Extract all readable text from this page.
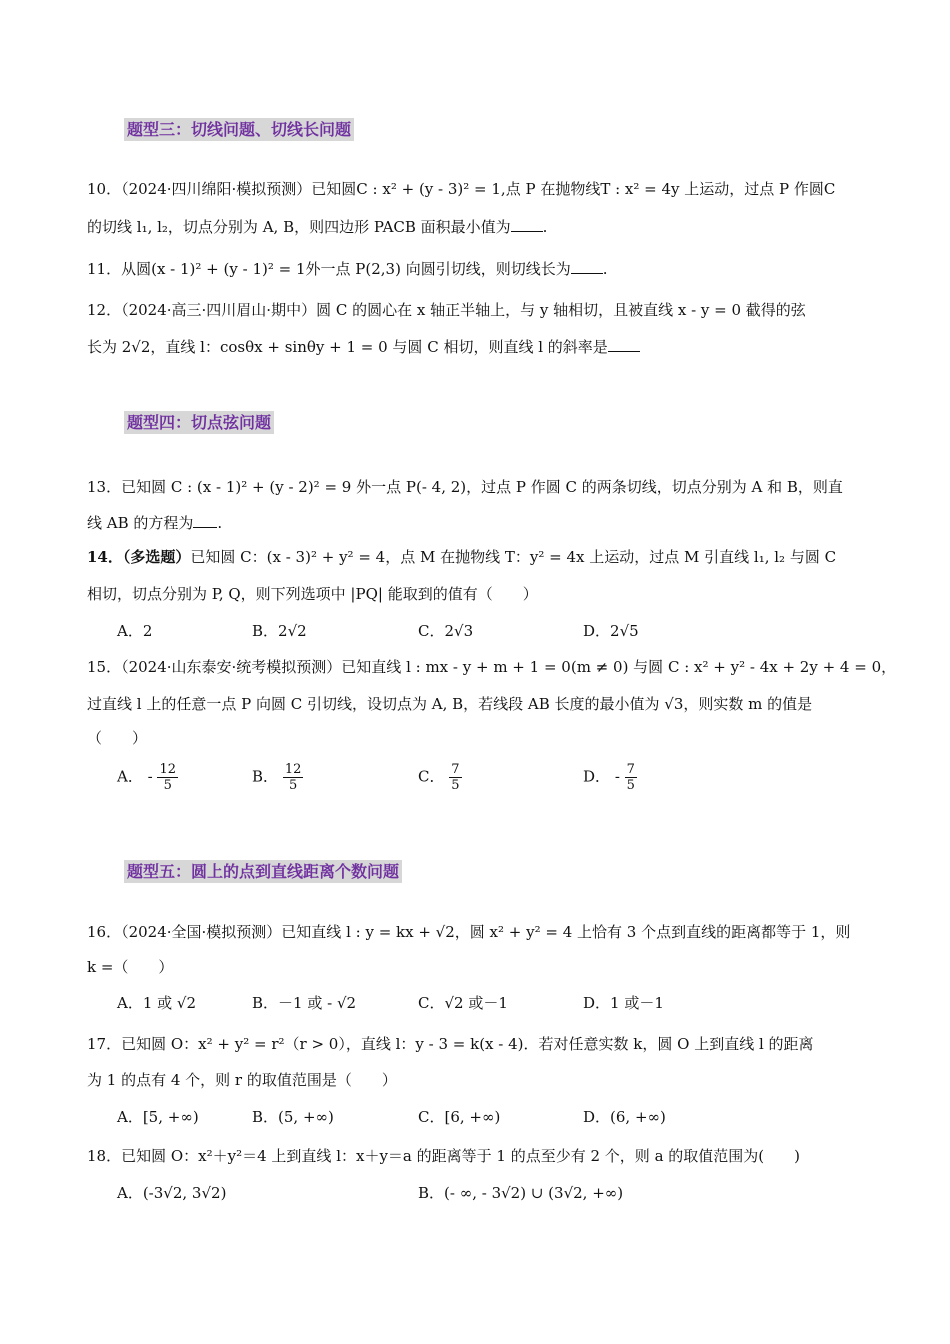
题型三：切线问题、切线长问题
10．（2024·四川绵阳·模拟预测）已知圆C : x² + (y - 3)² = 1,点 P 在抛物线T : x² = 4y 上运动，过点 P 作圆C
的切线 l₁, l₂，切点分别为 A, B，则四边形 PACB 面积最小值为 .
11．从圆(x - 1)² + (y - 1)² = 1外一点 P(2,3) 向圆引切线，则切线长为 .
12．（2024·高三·四川眉山·期中）圆 C 的圆心在 x 轴正半轴上，与 y 轴相切，且被直线 x - y = 0 截得的弦
长为 2√2，直线 l：cosθx + sinθy + 1 = 0 与圆 C 相切，则直线 l 的斜率是
题型四：切点弦问题
13．已知圆 C : (x - 1)² + (y - 2)² = 9 外一点 P(- 4, 2)，过点 P 作圆 C 的两条切线，切点分别为 A 和 B，则直
线 AB 的方程为 .
14．（多选题）已知圆 C：(x - 3)² + y² = 4，点 M 在抛物线 T：y² = 4x 上运动，过点 M 引直线 l₁, l₂ 与圆 C
相切，切点分别为 P, Q，则下列选项中 |PQ| 能取到的值有（　　）
A．2	B．2√2	C．2√3	D．2√5
15．（2024·山东泰安·统考模拟预测）已知直线 l : mx - y + m + 1 = 0(m ≠ 0) 与圆 C : x² + y² - 4x + 2y + 4 = 0，
过直线 l 上的任意一点 P 向圆 C 引切线，设切点为 A, B，若线段 AB 长度的最小值为 √3，则实数 m 的值是
（　　）
A． - $\frac{12}{5}$	B． $\frac{12}{5}$	C． $\frac{7}{5}$	D． - $\frac{7}{5}$
题型五：圆上的点到直线距离个数问题
16．（2024·全国·模拟预测）已知直线 l : y = kx + √2，圆 x² + y² = 4 上恰有 3 个点到直线的距离都等于 1，则
k =（　　）
A．1 或 √2	B．－1 或 - √2	C．√2 或－1	D．1 或－1
17．已知圆 O：x² + y² = r²（r > 0），直线 l：y - 3 = k(x - 4)．若对任意实数 k，圆 O 上到直线 l 的距离
为 1 的点有 4 个，则 r 的取值范围是（　　）
A．[5, +∞)	B．(5, +∞)	C．[6, +∞)	D．(6, +∞)
18．已知圆 O：x²＋y²＝4 上到直线 l：x＋y＝a 的距离等于 1 的点至少有 2 个，则 a 的取值范围为(　　)
A．(-3√2, 3√2)	B．(- ∞, - 3√2) ∪ (3√2, +∞)
